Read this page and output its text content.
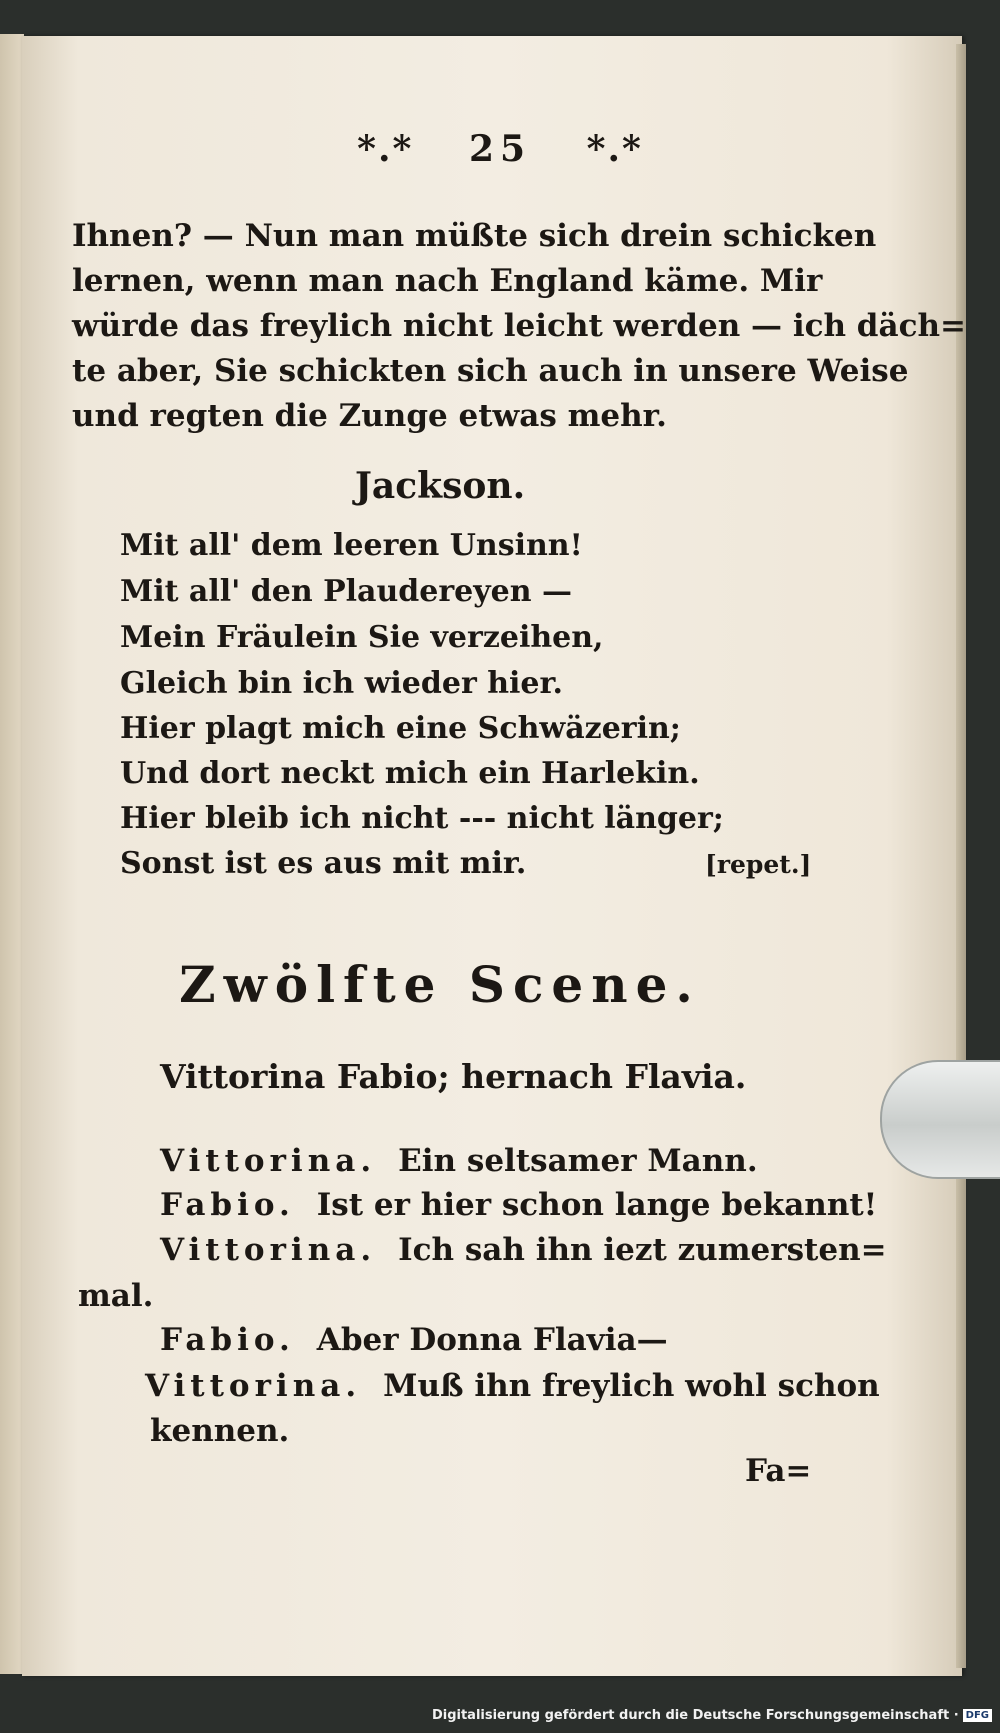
*.* 25 *.*
Ihnen? — Nun man müßte sich drein schicken
lernen, wenn man nach England käme. Mir
würde das freylich nicht leicht werden — ich däch=
te aber, Sie schickten sich auch in unsere Weise
und regten die Zunge etwas mehr.
Jackson.
Mit all' dem leeren Unsinn!
Mit all' den Plaudereyen —
Mein Fräulein Sie verzeihen,
Gleich bin ich wieder hier.
Hier plagt mich eine Schwäzerin;
Und dort neckt mich ein Harlekin.
Hier bleib ich nicht --- nicht länger;
Sonst ist es aus mit mir.	[repet.]
Zwölfte Scene.
Vittorina Fabio; hernach Flavia.
Vittorina. Ein seltsamer Mann.
Fabio. Ist er hier schon lange bekannt!
Vittorina. Ich sah ihn iezt zumersten=
mal.
Fabio. Aber Donna Flavia—
Vittorina. Muß ihn freylich wohl schon
kennen.
Fa=
Digitalisierung gefördert durch die Deutsche Forschungsgemeinschaft · DFG
